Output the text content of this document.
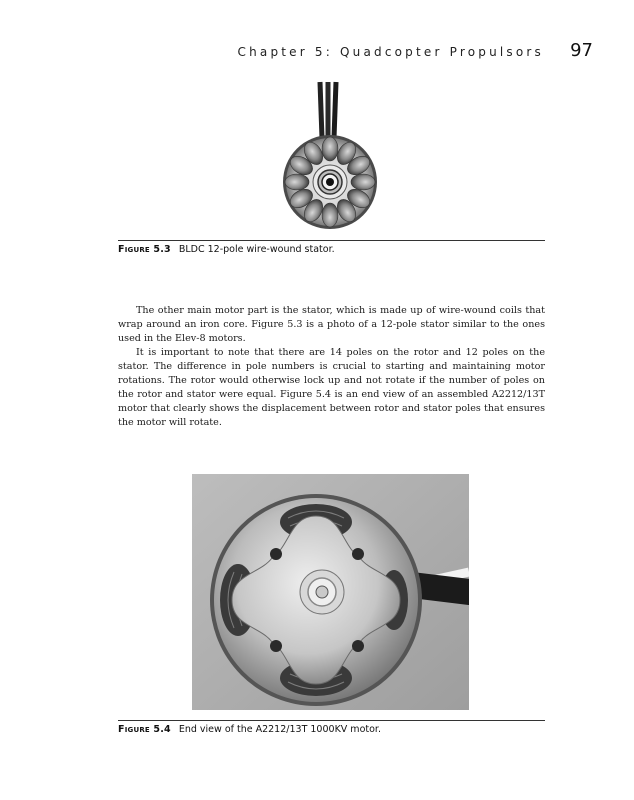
Chapter 5: Quadcopter Propulsors 97
Figure 5.3 BLDC 12-pole wire-wound stator.

The other main motor part is the stator, which is made up of wire-wound coils that wrap around an iron core. Figure 5.3 is a photo of a 12-pole stator similar to the ones used in the Elev-8 motors.

It is important to note that there are 14 poles on the rotor and 12 poles on the stator. The difference in pole numbers is crucial to starting and maintaining motor rotations. The rotor would otherwise lock up and not rotate if the number of poles on the rotor and stator were equal. Figure 5.4 is an end view of an assembled A2212/13T motor that clearly shows the displacement between rotor and stator poles that ensures the motor will rotate.

Figure 5.4 End view of the A2212/13T 1000KV motor.
